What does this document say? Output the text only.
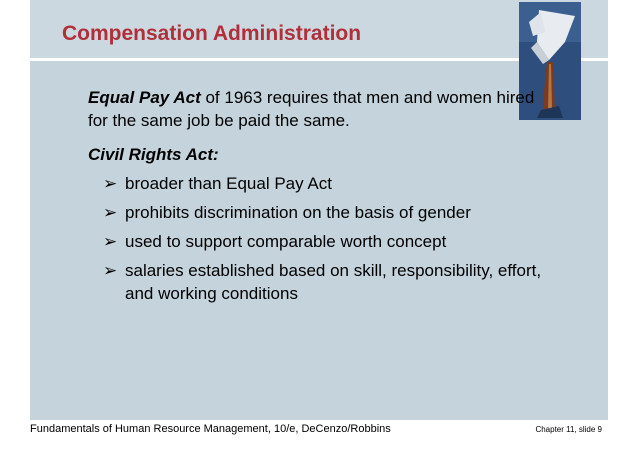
Compensation Administration

Equal Pay Act of 1963 requires that men and women hired for the same job be paid the same.

Civil Rights Act:

➢ broader than Equal Pay Act
➢ prohibits discrimination on the basis of gender
➢ used to support comparable worth concept
➢ salaries established based on skill, responsibility, effort, and working conditions
Fundamentals of Human Resource Management, 10/e, DeCenzo/Robbins	Chapter 11, slide 9
